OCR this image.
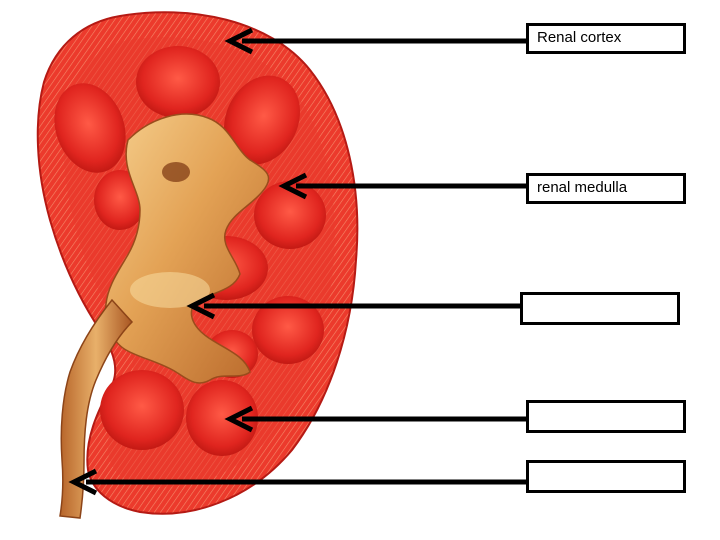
Renal cortex
renal medulla
